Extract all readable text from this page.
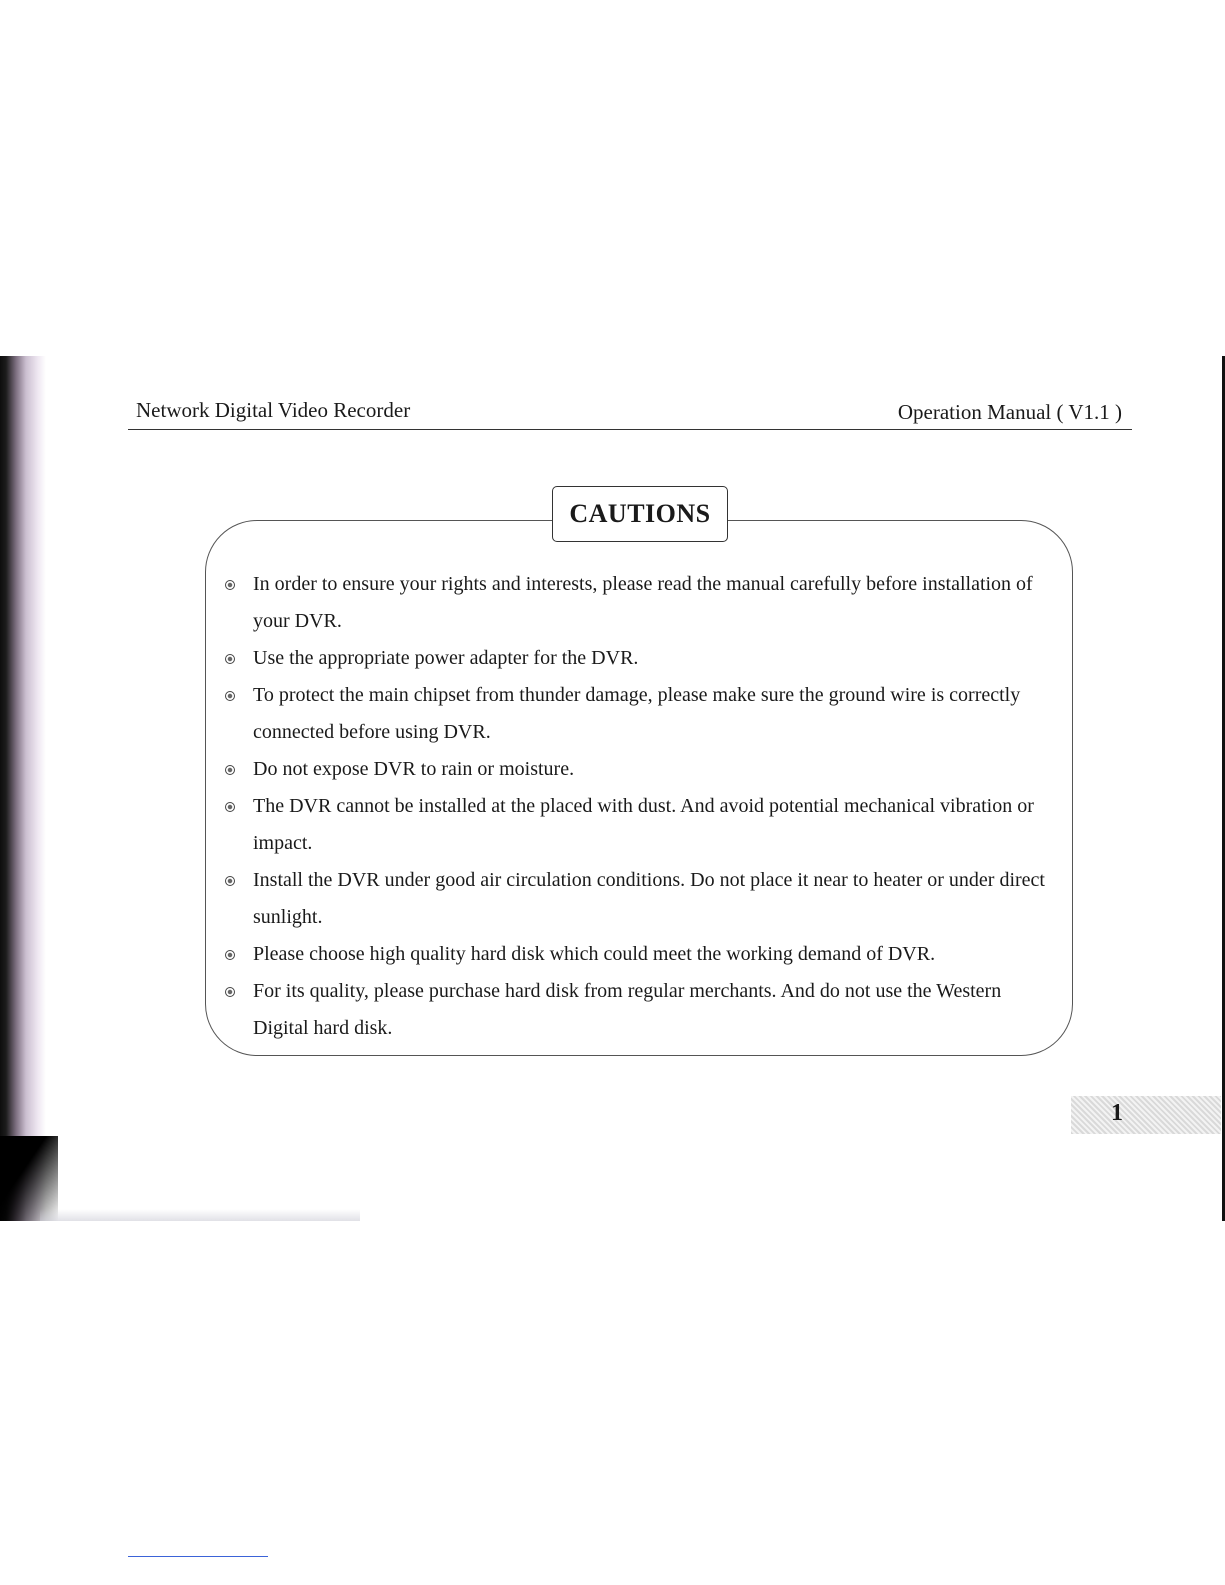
Network Digital Video Recorder	Operation Manual ( V1.1 )
CAUTIONS
In order to ensure your rights and interests, please read the manual carefully before installation of your DVR.
Use the appropriate power adapter for the DVR.
To protect the main chipset from thunder damage, please make sure the ground wire is correctly connected before using DVR.
Do not expose DVR to rain or moisture.
The DVR cannot be installed at the placed with dust. And avoid potential mechanical vibration or impact.
Install the DVR under good air circulation conditions. Do not place it near to heater or under direct sunlight.
Please choose high quality hard disk which could meet the working demand of DVR.
For its quality, please purchase hard disk from regular merchants. And do not use the Western Digital hard disk.
1
